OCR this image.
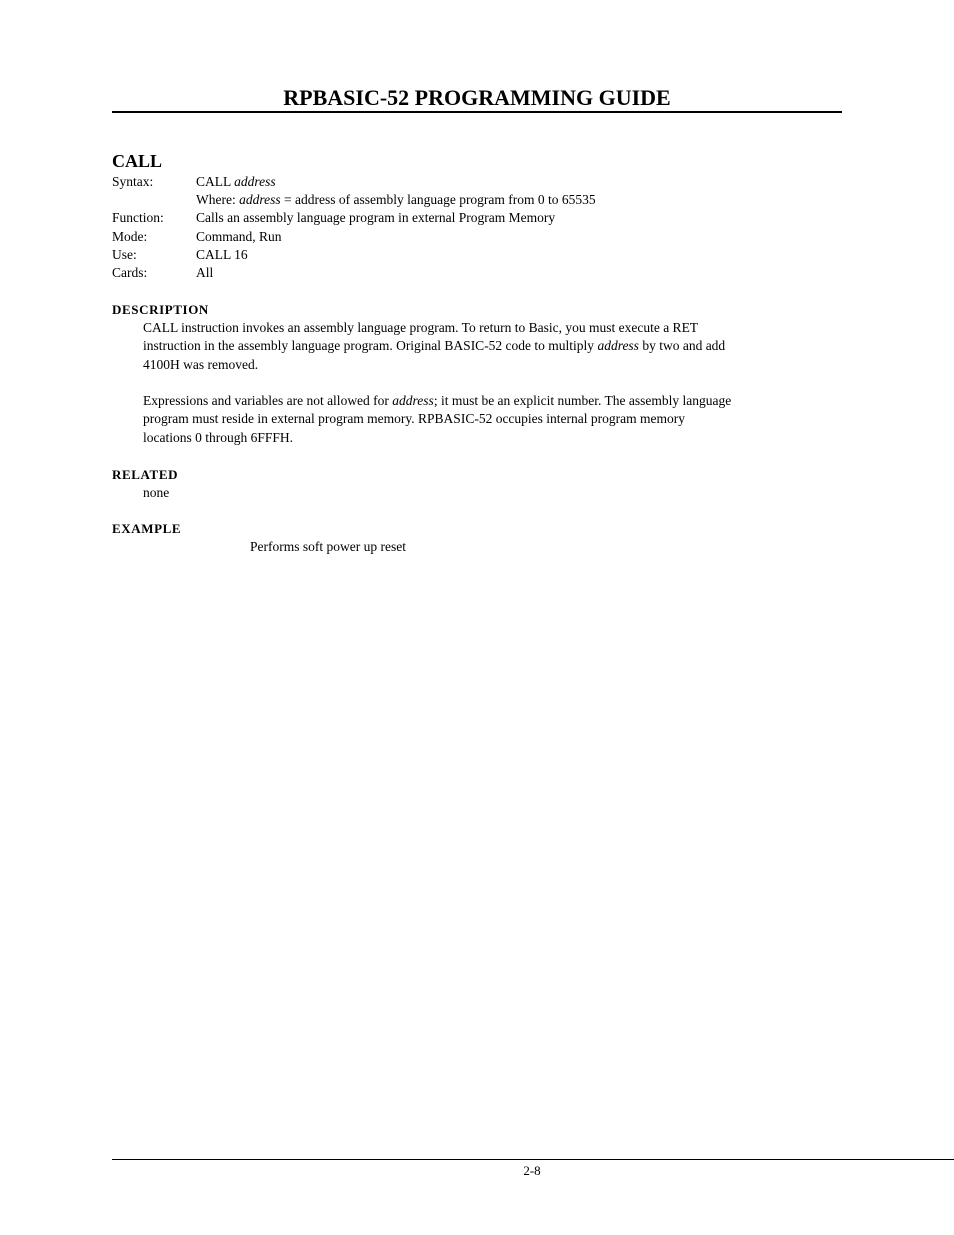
RPBASIC-52 PROGRAMMING GUIDE
CALL
Syntax:	CALL address
Where: address = address of assembly language program from 0 to 65535
Function: Calls an assembly language program in external Program Memory
Mode:	Command, Run
Use:	CALL 16
Cards:	All
DESCRIPTION

CALL instruction invokes an assembly language program. To return to Basic, you must execute a RET
instruction in the assembly language program. Original BASIC-52 code to multiply address by two and add
4100H was removed.

Expressions and variables are not allowed for address; it must be an explicit number. The assembly language
program must reside in external program memory. RPBASIC-52 occupies internal program memory
locations 0 through 6FFFH.

RELATED

none

EXAMPLE

Performs soft power up reset

2-8
